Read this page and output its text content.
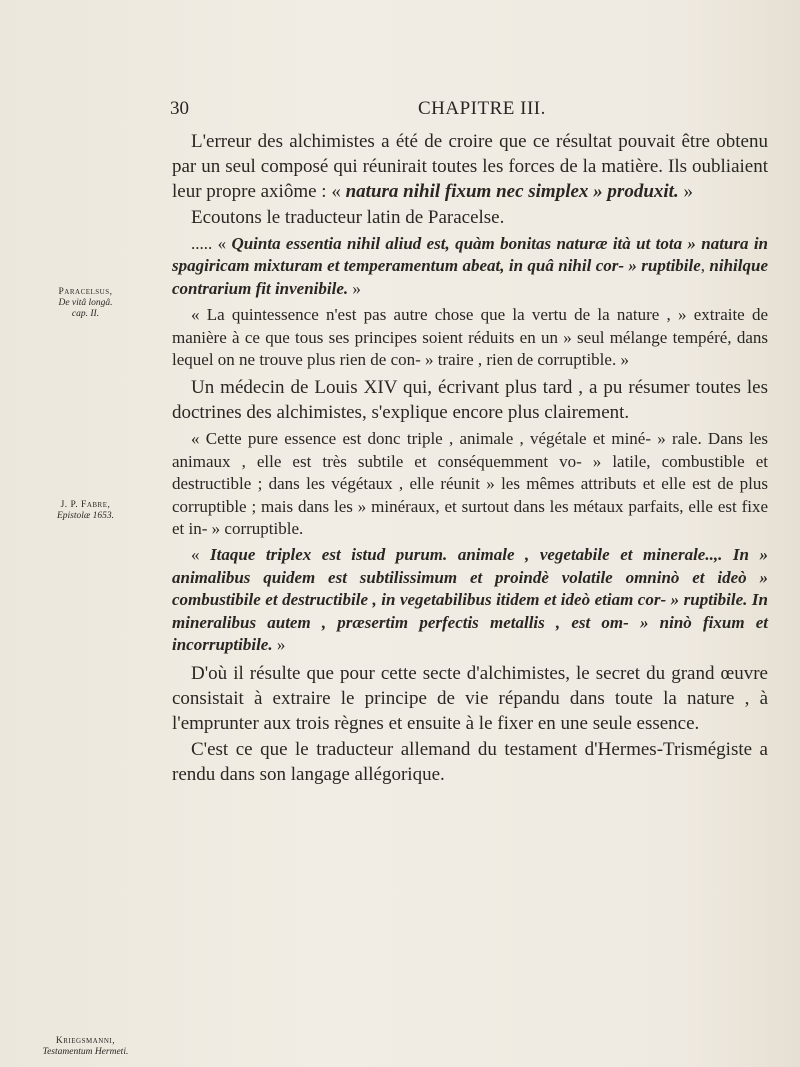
30	CHAPITRE III.
Paracelsus,
De vitâ longâ.
cap. II.
J. P. Fabre,
Epistolæ 1653.
Kriegsmanni,
Testamentum Hermeti.

L'erreur des alchimistes a été de croire que ce résultat pouvait être obtenu par un seul composé qui réunirait toutes les forces de la matière. Ils oubliaient leur propre axiôme : « natura nihil fixum nec simplex » produxit. »

Ecoutons le traducteur latin de Paracelse.

..... « Quinta essentia nihil aliud est, quàm bonitas naturæ ità ut tota » natura in spagiricam mixturam et temperamentum abeat, in quâ nihil cor- » ruptibile, nihilque contrarium fit invenibile. »

« La quintessence n'est pas autre chose que la vertu de la nature , » extraite de manière à ce que tous ses principes soient réduits en un » seul mélange tempéré, dans lequel on ne trouve plus rien de con- » traire , rien de corruptible. »

Un médecin de Louis XIV qui, écrivant plus tard , a pu résumer toutes les doctrines des alchimistes, s'explique encore plus clairement.

« Cette pure essence est donc triple , animale , végétale et miné- » rale. Dans les animaux , elle est très subtile et conséquemment vo- » latile, combustible et destructible ; dans les végétaux , elle réunit » les mêmes attributs et elle est de plus corruptible ; mais dans les » minéraux, et surtout dans les métaux parfaits, elle est fixe et in- » corruptible.

« Itaque triplex est istud purum. animale , vegetabile et minerale..,. In » animalibus quidem est subtilissimum et proindè volatile omninò et ideò » combustibile et destructibile , in vegetabilibus itidem et ideò etiam cor- » ruptibile. In mineralibus autem , præsertim perfectis metallis , est om- » ninò fixum et incorruptibile. »

D'où il résulte que pour cette secte d'alchimistes, le secret du grand œuvre consistait à extraire le principe de vie répandu dans toute la nature , à l'emprunter aux trois règnes et ensuite à le fixer en une seule essence.

C'est ce que le traducteur allemand du testament d'Hermes-Trismégiste a rendu dans son langage allégorique.
